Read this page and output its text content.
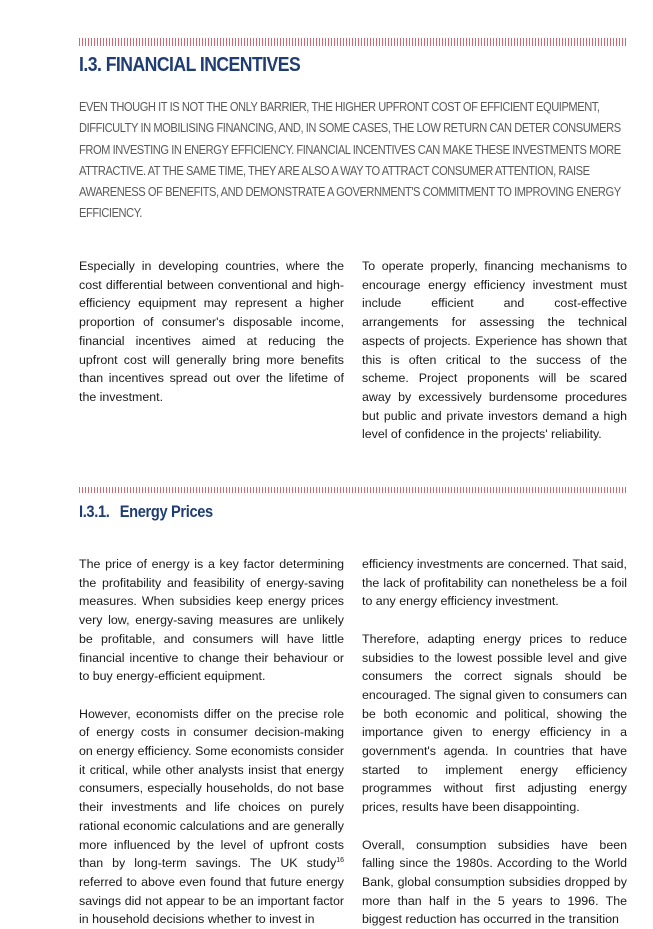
I.3. FINANCIAL INCENTIVES

EVEN THOUGH IT IS NOT THE ONLY BARRIER, THE HIGHER UPFRONT COST OF EFFICIENT EQUIPMENT, DIFFICULTY IN MOBILISING FINANCING, AND, IN SOME CASES, THE LOW RETURN CAN DETER CONSUMERS FROM INVESTING IN ENERGY EFFICIENCY. FINANCIAL INCENTIVES CAN MAKE THESE INVESTMENTS MORE ATTRACTIVE. AT THE SAME TIME, THEY ARE ALSO A WAY TO ATTRACT CONSUMER ATTENTION, RAISE AWARENESS OF BENEFITS, AND DEMONSTRATE A GOVERNMENT'S COMMITMENT TO IMPROVING ENERGY EFFICIENCY.

Especially in developing countries, where the cost differential between conventional and high-efficiency equipment may represent a higher proportion of consumer's disposable income, financial incentives aimed at reducing the upfront cost will generally bring more benefits than incentives spread out over the lifetime of the investment.

To operate properly, financing mechanisms to encourage energy efficiency investment must include efficient and cost-effective arrangements for assessing the technical aspects of projects. Experience has shown that this is often critical to the success of the scheme. Project proponents will be scared away by excessively burdensome procedures but public and private investors demand a high level of confidence in the projects' reliability.

I.3.1. Energy Prices

The price of energy is a key factor determining the profitability and feasibility of energy-saving measures. When subsidies keep energy prices very low, energy-saving measures are unlikely be profitable, and consumers will have little financial incentive to change their behaviour or to buy energy-efficient equipment.

However, economists differ on the precise role of energy costs in consumer decision-making on energy efficiency. Some economists consider it critical, while other analysts insist that energy consumers, especially households, do not base their investments and life choices on purely rational economic calculations and are generally more influenced by the level of upfront costs than by long-term savings. The UK study$^{16}$ referred to above even found that future energy savings did not appear to be an important factor in household decisions whether to invest in

efficiency investments are concerned. That said, the lack of profitability can nonetheless be a foil to any energy efficiency investment.

Therefore, adapting energy prices to reduce subsidies to the lowest possible level and give consumers the correct signals should be encouraged. The signal given to consumers can be both economic and political, showing the importance given to energy efficiency in a government's agenda. In countries that have started to implement energy efficiency programmes without first adjusting energy prices, results have been disappointing.

Overall, consumption subsidies have been falling since the 1980s. According to the World Bank, global consumption subsidies dropped by more than half in the 5 years to 1996. The biggest reduction has occurred in the transition
